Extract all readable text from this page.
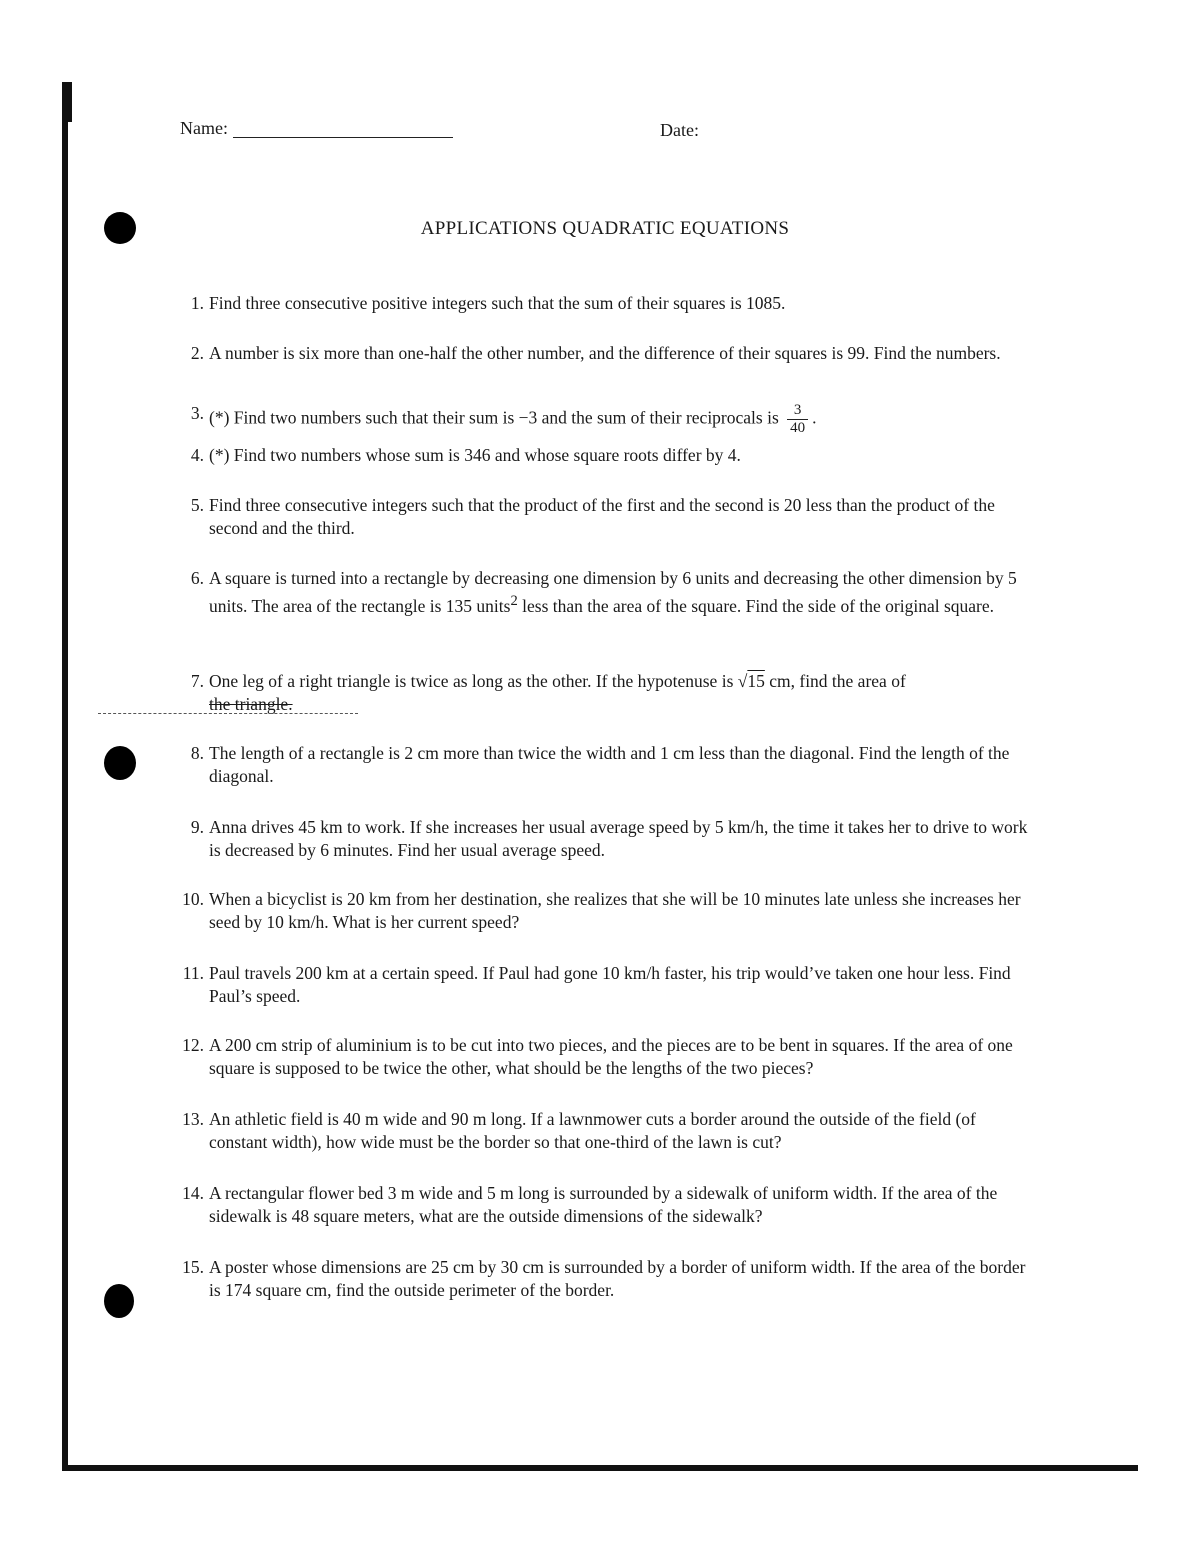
Name:	Date:
APPLICATIONS QUADRATIC EQUATIONS
1. Find three consecutive positive integers such that the sum of their squares is 1085.
2. A number is six more than one-half the other number, and the difference of their squares is 99. Find the numbers.
3. (*) Find two numbers such that their sum is −3 and the sum of their reciprocals is $\frac{3}{40}$ .
4. (*) Find two numbers whose sum is 346 and whose square roots differ by 4.
5. Find three consecutive integers such that the product of the first and the second is 20 less than the product of the second and the third.
6. A square is turned into a rectangle by decreasing one dimension by 6 units and decreasing the other dimension by 5 units. The area of the rectangle is 135 units$^2$ less than the area of the square. Find the side of the original square.
7. One leg of a right triangle is twice as long as the other. If the hypotenuse is √15 cm, find the area of
the triangle.
8. The length of a rectangle is 2 cm more than twice the width and 1 cm less than the diagonal. Find the length of the diagonal.
9. Anna drives 45 km to work. If she increases her usual average speed by 5 km/h, the time it takes her to drive to work is decreased by 6 minutes. Find her usual average speed.
10. When a bicyclist is 20 km from her destination, she realizes that she will be 10 minutes late unless she increases her seed by 10 km/h. What is her current speed?
11. Paul travels 200 km at a certain speed. If Paul had gone 10 km/h faster, his trip would’ve taken one hour less. Find Paul’s speed.
12. A 200 cm strip of aluminium is to be cut into two pieces, and the pieces are to be bent in squares. If the area of one square is supposed to be twice the other, what should be the lengths of the two pieces?
13. An athletic field is 40 m wide and 90 m long. If a lawnmower cuts a border around the outside of the field (of constant width), how wide must be the border so that one-third of the lawn is cut?
14. A rectangular flower bed 3 m wide and 5 m long is surrounded by a sidewalk of uniform width. If the area of the sidewalk is 48 square meters, what are the outside dimensions of the sidewalk?
15. A poster whose dimensions are 25 cm by 30 cm is surrounded by a border of uniform width. If the area of the border is 174 square cm, find the outside perimeter of the border.
